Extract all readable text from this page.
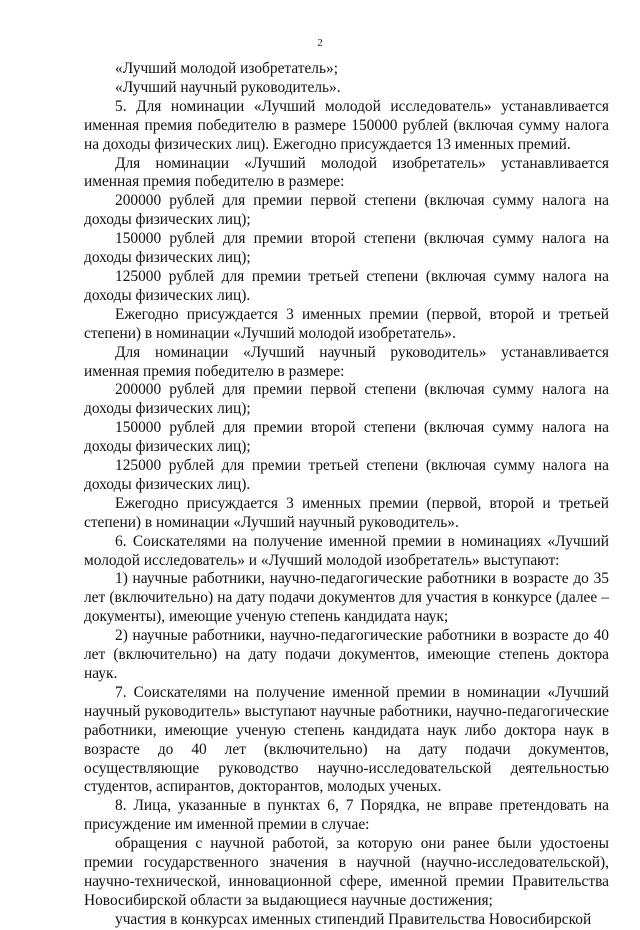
2

«Лучший молодой изобретатель»;

«Лучший научный руководитель».

5. Для номинации «Лучший молодой исследователь» устанавливается именная премия победителю в размере 150000 рублей (включая сумму налога на доходы физических лиц). Ежегодно присуждается 13 именных премий.

Для номинации «Лучший молодой изобретатель» устанавливается именная премия победителю в размере:

200000 рублей для премии первой степени (включая сумму налога на доходы физических лиц);

150000 рублей для премии второй степени (включая сумму налога на доходы физических лиц);

125000 рублей для премии третьей степени (включая сумму налога на доходы физических лиц).

Ежегодно присуждается 3 именных премии (первой, второй и третьей степени) в номинации «Лучший молодой изобретатель».

Для номинации «Лучший научный руководитель» устанавливается именная премия победителю в размере:

200000 рублей для премии первой степени (включая сумму налога на доходы физических лиц);

150000 рублей для премии второй степени (включая сумму налога на доходы физических лиц);

125000 рублей для премии третьей степени (включая сумму налога на доходы физических лиц).

Ежегодно присуждается 3 именных премии (первой, второй и третьей степени) в номинации «Лучший научный руководитель».

6. Соискателями на получение именной премии в номинациях «Лучший молодой исследователь» и «Лучший молодой изобретатель» выступают:

1) научные работники, научно-педагогические работники в возрасте до 35 лет (включительно) на дату подачи документов для участия в конкурсе (далее – документы), имеющие ученую степень кандидата наук;

2) научные работники, научно-педагогические работники в возрасте до 40 лет (включительно) на дату подачи документов, имеющие степень доктора наук.

7. Соискателями на получение именной премии в номинации «Лучший научный руководитель» выступают научные работники, научно-педагогические работники, имеющие ученую степень кандидата наук либо доктора наук в возрасте до 40 лет (включительно) на дату подачи документов, осуществляющие руководство научно-исследовательской деятельностью студентов, аспирантов, докторантов, молодых ученых.

8. Лица, указанные в пунктах 6, 7 Порядка, не вправе претендовать на присуждение им именной премии в случае:

обращения с научной работой, за которую они ранее были удостоены премии государственного значения в научной (научно-исследовательской), научно-технической, инновационной сфере, именной премии Правительства Новосибирской области за выдающиеся научные достижения;

участия в конкурсах именных стипендий Правительства Новосибирской
